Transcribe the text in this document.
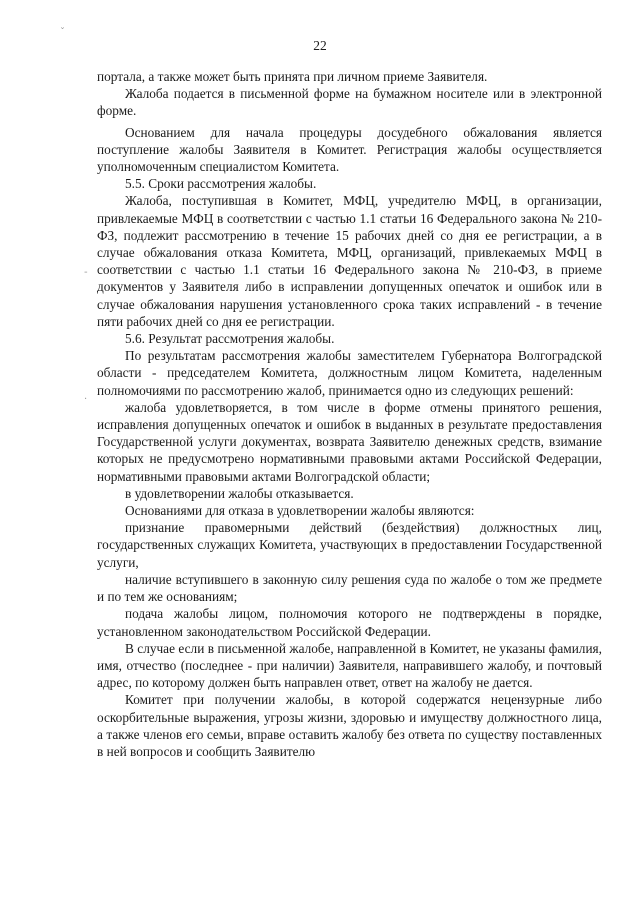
22
ˇ
-
.

портала, а также может быть принята при личном приеме Заявителя.

Жалоба подается в письменной форме на бумажном носителе или в электронной форме.

Основанием для начала процедуры досудебного обжалования является поступление жалобы Заявителя в Комитет. Регистрация жалобы осуществляется уполномоченным специалистом Комитета.

5.5. Сроки рассмотрения жалобы.

Жалоба, поступившая в Комитет, МФЦ, учредителю МФЦ, в организации, привлекаемые МФЦ в соответствии с частью 1.1 статьи 16 Федерального закона № 210-ФЗ, подлежит рассмотрению в течение 15 рабочих дней со дня ее регистрации, а в случае обжалования отказа Комитета, МФЦ, организаций, привлекаемых МФЦ в соответствии с частью 1.1 статьи 16 Федерального закона № 210-ФЗ, в приеме документов у Заявителя либо в исправлении допущенных опечаток и ошибок или в случае обжалования нарушения установленного срока таких исправлений - в течение пяти рабочих дней со дня ее регистрации.

5.6. Результат рассмотрения жалобы.

По результатам рассмотрения жалобы заместителем Губернатора Волгоградской области - председателем Комитета, должностным лицом Комитета, наделенным полномочиями по рассмотрению жалоб, принимается одно из следующих решений:

жалоба удовлетворяется, в том числе в форме отмены принятого решения, исправления допущенных опечаток и ошибок в выданных в результате предоставления Государственной услуги документах, возврата Заявителю денежных средств, взимание которых не предусмотрено нормативными правовыми актами Российской Федерации, нормативными правовыми актами Волгоградской области;

в удовлетворении жалобы отказывается.

Основаниями для отказа в удовлетворении жалобы являются:

признание правомерными действий (бездействия) должностных лиц, государственных служащих Комитета, участвующих в предоставлении Государственной услуги,

наличие вступившего в законную силу решения суда по жалобе о том же предмете и по тем же основаниям;

подача жалобы лицом, полномочия которого не подтверждены в порядке, установленном законодательством Российской Федерации.

В случае если в письменной жалобе, направленной в Комитет, не указаны фамилия, имя, отчество (последнее - при наличии) Заявителя, направившего жалобу, и почтовый адрес, по которому должен быть направлен ответ, ответ на жалобу не дается.

Комитет при получении жалобы, в которой содержатся нецензурные либо оскорбительные выражения, угрозы жизни, здоровью и имуществу должностного лица, а также членов его семьи, вправе оставить жалобу без ответа по существу поставленных в ней вопросов и сообщить Заявителю
